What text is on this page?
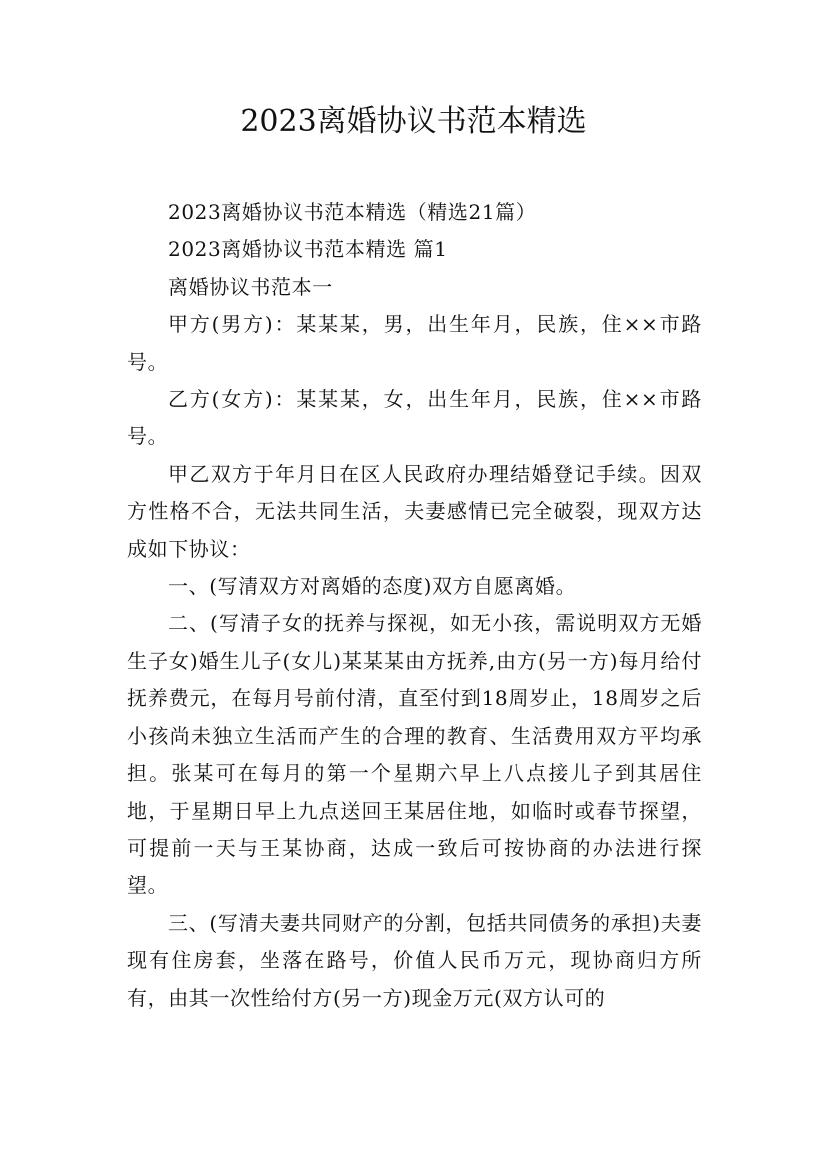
2023离婚协议书范本精选

2023离婚协议书范本精选（精选21篇）

2023离婚协议书范本精选 篇1

离婚协议书范本一

甲方(男方)：某某某，男，出生年月，民族，住××市路号。

乙方(女方)：某某某，女，出生年月，民族，住××市路号。

甲乙双方于年月日在区人民政府办理结婚登记手续。因双方性格不合，无法共同生活，夫妻感情已完全破裂，现双方达成如下协议：

一、(写清双方对离婚的态度)双方自愿离婚。

二、(写清子女的抚养与探视，如无小孩，需说明双方无婚生子女)婚生儿子(女儿)某某某由方抚养,由方(另一方)每月给付抚养费元，在每月号前付清，直至付到18周岁止，18周岁之后小孩尚未独立生活而产生的合理的教育、生活费用双方平均承担。张某可在每月的第一个星期六早上八点接儿子到其居住地，于星期日早上九点送回王某居住地，如临时或春节探望，可提前一天与王某协商，达成一致后可按协商的办法进行探望。

三、(写清夫妻共同财产的分割，包括共同债务的承担)夫妻现有住房套，坐落在路号，价值人民币万元，现协商归方所有，由其一次性给付方(另一方)现金万元(双方认可的
